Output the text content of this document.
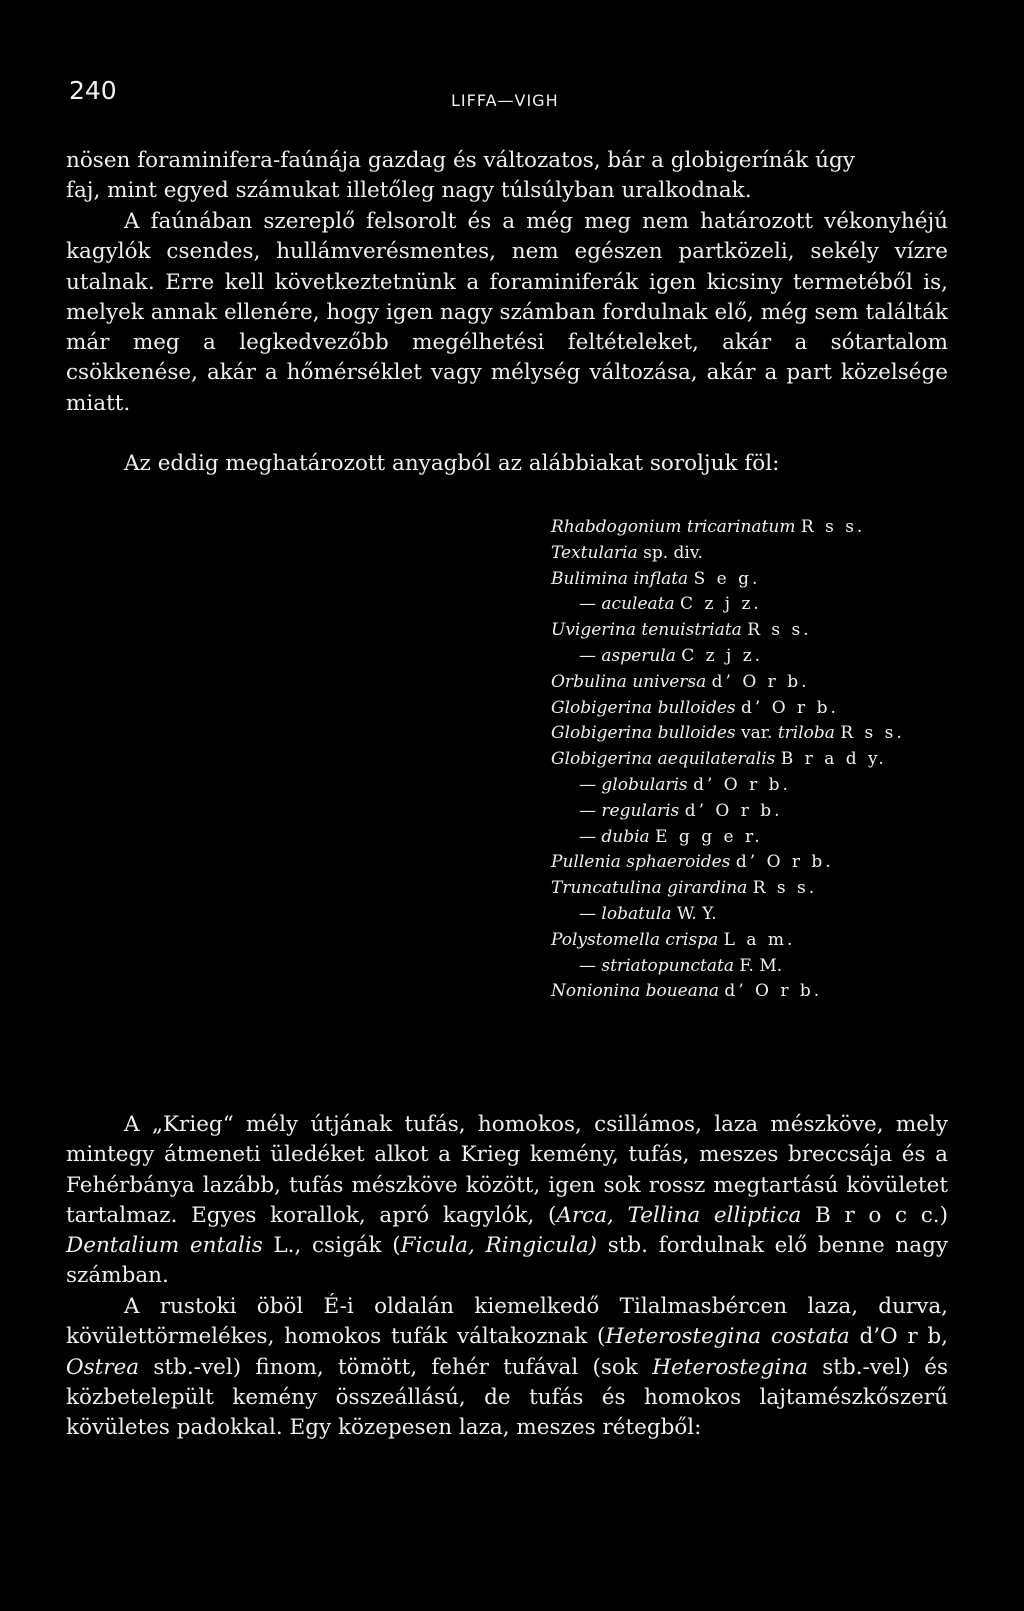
240	LIFFA—VIGH

nösen foraminifera-faúnája gazdag és változatos, bár a globigerínák úgy
faj, mint egyed számukat illetőleg nagy túlsúlyban uralkodnak.

A faúnában szereplő felsorolt és a még meg nem határozott vékonyhéjú kagylók csendes, hullámverésmentes, nem egészen partközeli, sekély vízre utalnak. Erre kell következtetnünk a foraminiferák igen kicsiny termetéből is, melyek annak ellenére, hogy igen nagy számban fordulnak elő, még sem találták már meg a legkedvezőbb megélhetési feltételeket, akár a sótartalom csökkenése, akár a hőmérséklet vagy mélység változása, akár a part közelsége miatt.

Az eddig meghatározott anyagból az alábbiakat soroljuk föl:

Rhabdogonium tricarinatum R s s.
Textularia sp. div.
Bulimina inflata S e g.
— aculeata C z j z.
Uvigerina tenuistriata R s s.
— asperula C z j z.
Orbulina universa d’ O r b.
Globigerina bulloides d’ O r b.
Globigerina bulloides var. triloba R s s.
Globigerina aequilateralis B r a d y.
— globularis d’ O r b.
— regularis d’ O r b.
— dubia E g g e r.
Pullenia sphaeroides d’ O r b.
Truncatulina girardina R s s.
— lobatula W. Y.
Polystomella crispa L a m.
— striatopunctata F. M.
Nonionina boueana d’ O r b.

A „Krieg“ mély útjának tufás, homokos, csillámos, laza mészköve, mely mintegy átmeneti üledéket alkot a Krieg kemény, tufás, meszes breccsája és a Fehérbánya lazább, tufás mészköve között, igen sok rossz megtartású kövületet tartalmaz. Egyes korallok, apró kagylók, (Arca, Tellina elliptica B r o c c.) Dentalium entalis L., csigák (Ficula, Ringicula) stb. fordulnak elő benne nagy számban.

A rustoki öböl É-i oldalán kiemelkedő Tilalmasbércen laza, durva, kövülettörmelékes, homokos tufák váltakoznak (Heterostegina costata d’O r b, Ostrea stb.-vel) finom, tömött, fehér tufával (sok Heterostegina stb.-vel) és közbetelepült kemény összeállású, de tufás és homokos lajtamészkőszerű kövületes padokkal. Egy közepesen laza, meszes rétegből:
